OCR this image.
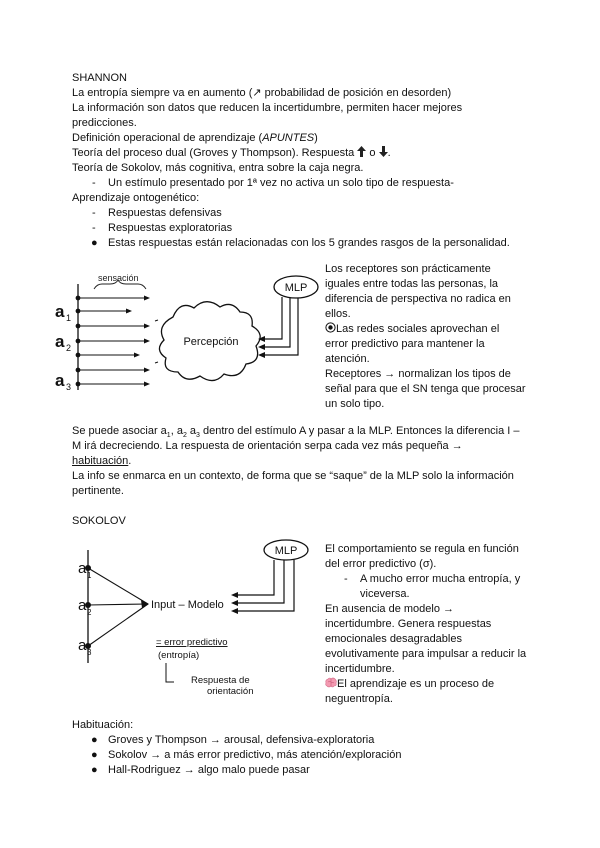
SHANNON
La entropía siempre va en aumento (↗ probabilidad de posición en desorden)
La información son datos que reducen la incertidumbre, permiten hacer mejores
predicciones.
Definición operacional de aprendizaje (APUNTES)
Teoría del proceso dual (Groves y Thompson). Respuesta o .
Teoría de Sokolov, más cognitiva, entra sobre la caja negra.
- Un estímulo presentado por 1ª vez no activa un solo tipo de respuesta-
Aprendizaje ontogenético:
- Respuestas defensivas
- Respuestas exploratorias
● Estas respuestas están relacionadas con los 5 grandes rasgos de la personalidad.
sensación
a 1
a 2
a 3
Percepción
MLP
Los receptores son prácticamente
iguales entre todas las personas, la
diferencia de perspectiva no radica en
ellos.
Las redes sociales aprovechan el
error predictivo para mantener la
atención.
Receptores → normalizan los tipos de
señal para que el SN tenga que procesar
un solo tipo.
Se puede asociar $a_1$, $a_2$ $a_3$ dentro del estímulo A y pasar a la MLP. Entonces la diferencia I –
M irá decreciendo. La respuesta de orientación serpa cada vez más pequeña →
habituación.
La info se enmarca en un contexto, de forma que se “saque” de la MLP solo la información
pertinente.
SOKOLOV
a 1
a 2
a 3
Input – Modelo
= error predictivo
(entropía)
Respuesta de
orientación
MLP	El comportamiento se regula en función
del error predictivo (σ).
- A mucho error mucha entropía, y
viceversa.
En ausencia de modelo →
incertidumbre. Genera respuestas
emocionales desagradables
evolutivamente para impulsar a reducir la
incertidumbre.
El aprendizaje es un proceso de
neguentropía.
Habituación:
● Groves y Thompson → arousal, defensiva-exploratoria
● Sokolov → a más error predictivo, más atención/exploración
● Hall-Rodriguez → algo malo puede pasar
